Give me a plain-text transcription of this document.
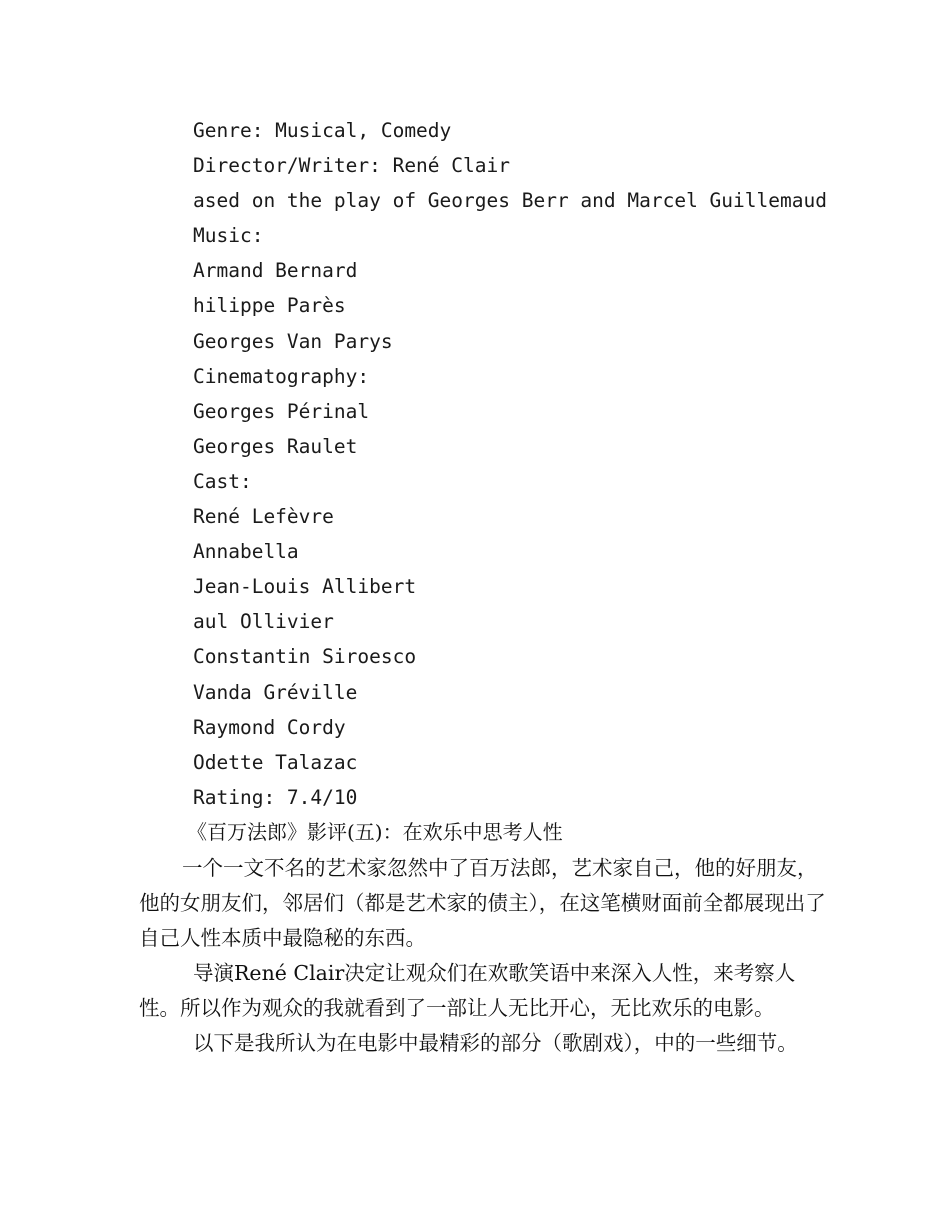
Genre: Musical, Comedy
Director/Writer: René Clair
ased on the play of Georges Berr and Marcel Guillemaud
Music:
Armand Bernard
hilippe Parès
Georges Van Parys
Cinematography:
Georges Périnal
Georges Raulet
Cast:
René Lefèvre
Annabella
Jean-Louis Allibert
aul Ollivier
Constantin Siroesco
Vanda Gréville
Raymond Cordy
Odette Talazac
Rating: 7.4/10
《百万法郎》影评(五)：在欢乐中思考人性

一个一文不名的艺术家忽然中了百万法郎，艺术家自己，他的好朋友，他的女朋友们，邻居们（都是艺术家的债主），在这笔横财面前全都展现出了自己人性本质中最隐秘的东西。

导演René Clair决定让观众们在欢歌笑语中来深入人性，来考察人性。所以作为观众的我就看到了一部让人无比开心，无比欢乐的电影。

以下是我所认为在电影中最精彩的部分（歌剧戏），中的一些细节。
